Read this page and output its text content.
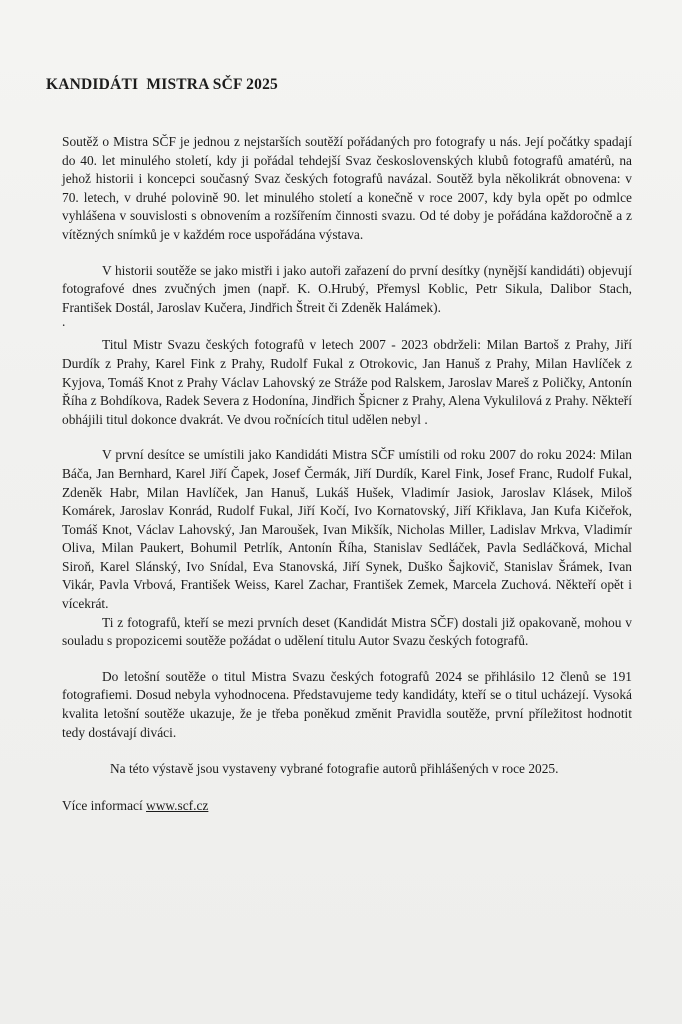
KANDIDÁTI  MISTRA SČF 2025

Soutěž o Mistra SČF je jednou z nejstarších soutěží pořádaných pro fotografy u nás. Její počátky spadají do 40. let minulého století, kdy ji pořádal tehdejší Svaz československých klubů fotografů amatérů, na jehož historii i koncepci současný Svaz českých fotografů navázal. Soutěž byla několikrát obnovena: v 70. letech, v druhé polovině 90. let minulého století a konečně v roce 2007, kdy byla opět po odmlce vyhlášena v souvislosti s obnovením a rozšířením činnosti svazu. Od té doby je pořádána každoročně a z vítězných snímků je v každém roce uspořádána výstava.

V historii soutěže se jako mistři i jako autoři zařazení do první desítky (nynější kandidáti) objevují fotografové dnes zvučných jmen (např. K. O.Hrubý, Přemysl Koblic, Petr Sikula, Dalibor Stach, František Dostál, Jaroslav Kučera, Jindřich Štreit či Zdeněk Halámek).

.

Titul Mistr Svazu českých fotografů v letech 2007 - 2023 obdrželi: Milan Bartoš z Prahy, Jiří Durdík z Prahy, Karel Fink z Prahy, Rudolf Fukal z Otrokovic, Jan Hanuš z Prahy, Milan Havlíček z Kyjova, Tomáš Knot z Prahy Václav Lahovský ze Stráže pod Ralskem, Jaroslav Mareš z Poličky, Antonín Říha z Bohdíkova, Radek Severa z Hodonína, Jindřich Špicner z Prahy, Alena Vykulilová z Prahy. Někteří obhájili titul dokonce dvakrát. Ve dvou ročnících titul udělen nebyl .

V první desítce se umístili jako Kandidáti Mistra SČF umístili od roku 2007 do roku 2024: Milan Báča, Jan Bernhard, Karel Jiří Čapek, Josef Čermák, Jiří Durdík, Karel Fink, Josef Franc, Rudolf Fukal, Zdeněk Habr, Milan Havlíček, Jan Hanuš, Lukáš Hušek, Vladimír Jasiok, Jaroslav Klásek, Miloš Komárek, Jaroslav Konrád, Rudolf Fukal, Jiří Kočí, Ivo Kornatovský, Jiří Křiklava, Jan Kufa Kičeřok, Tomáš Knot, Václav Lahovský, Jan Maroušek, Ivan Mikšík, Nicholas Miller, Ladislav Mrkva, Vladimír Oliva, Milan Paukert, Bohumil Petrlík, Antonín Říha, Stanislav Sedláček, Pavla Sedláčková, Michal Siroň, Karel Slánský, Ivo Snídal, Eva Stanovská, Jiří Synek, Duško Šajkovič, Stanislav Šrámek, Ivan Vikár, Pavla Vrbová, František Weiss, Karel Zachar, František Zemek, Marcela Zuchová. Někteří opět i vícekrát.

Ti z fotografů, kteří se mezi prvních deset (Kandidát Mistra SČF) dostali již opakovaně, mohou v souladu s propozicemi soutěže požádat o udělení titulu Autor Svazu českých fotografů.

Do letošní soutěže o titul Mistra Svazu českých fotografů 2024 se přihlásilo 12 členů se 191 fotografiemi. Dosud nebyla vyhodnocena. Představujeme tedy kandidáty, kteří se o titul ucházejí. Vysoká kvalita letošní soutěže ukazuje, že je třeba poněkud změnit Pravidla soutěže, první příležitost hodnotit tedy dostávají diváci.

Na této výstavě jsou vystaveny vybrané fotografie autorů přihlášených v roce 2025.

Více informací www.scf.cz
